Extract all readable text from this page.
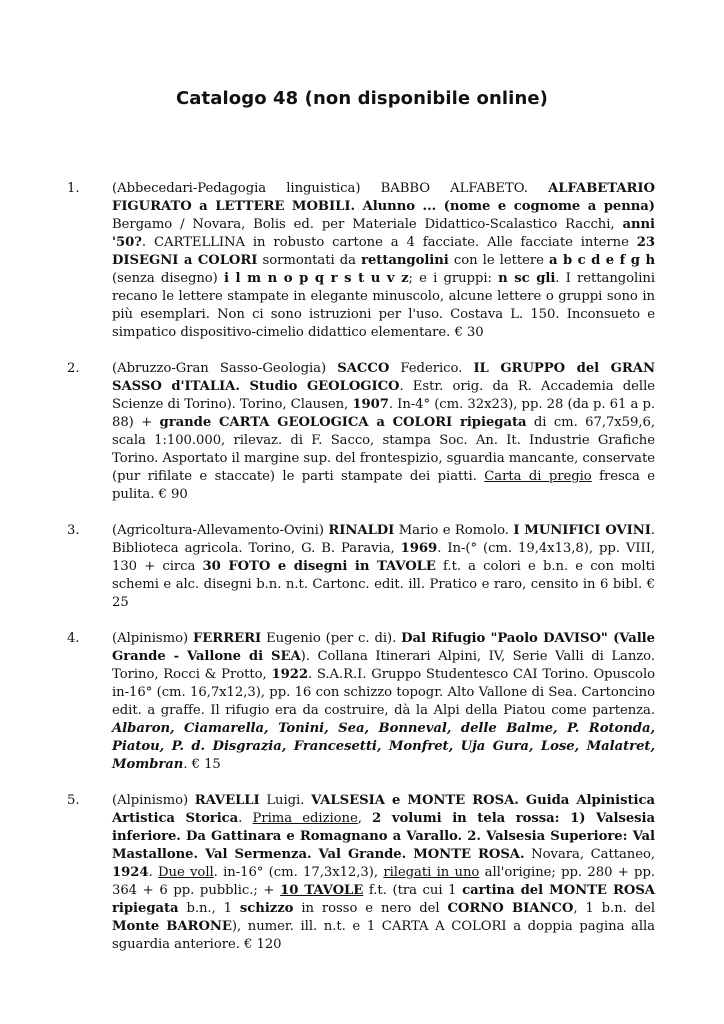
Catalogo 48 (non disponibile online)
1. (Abbecedari-Pedagogia linguistica) BABBO ALFABETO. ALFABETARIO FIGURATO a LETTERE MOBILI. Alunno ... (nome e cognome a penna) Bergamo / Novara, Bolis ed. per Materiale Didattico-Scalastico Racchi, anni '50?. CARTELLINA in robusto cartone a 4 facciate. Alle facciate interne 23 DISEGNI a COLORI sormontati da rettangolini con le lettere a b c d e f g h (senza disegno) i l m n o p q r s t u v z; e i gruppi: n sc gli. I rettangolini recano le lettere stampate in elegante minuscolo, alcune lettere o gruppi sono in più esemplari. Non ci sono istruzioni per l'uso. Costava L. 150. Inconsueto e simpatico dispositivo-cimelio didattico elementare. € 30
2. (Abruzzo-Gran Sasso-Geologia) SACCO Federico. IL GRUPPO del GRAN SASSO d'ITALIA. Studio GEOLOGICO. Estr. orig. da R. Accademia delle Scienze di Torino). Torino, Clausen, 1907. In-4° (cm. 32x23), pp. 28 (da p. 61 a p. 88) + grande CARTA GEOLOGICA a COLORI ripiegata di cm. 67,7x59,6, scala 1:100.000, rilevaz. di F. Sacco, stampa Soc. An. It. Industrie Grafiche Torino. Asportato il margine sup. del frontespizio, sguardia mancante, conservate (pur rifilate e staccate) le parti stampate dei piatti. Carta di pregio fresca e pulita. € 90
3. (Agricoltura-Allevamento-Ovini) RINALDI Mario e Romolo. I MUNIFICI OVINI. Biblioteca agricola. Torino, G. B. Paravia, 1969. In-(° (cm. 19,4x13,8), pp. VIII, 130 + circa 30 FOTO e disegni in TAVOLE f.t. a colori e b.n. e con molti schemi e alc. disegni b.n. n.t. Cartonc. edit. ill. Pratico e raro, censito in 6 bibl. € 25
4. (Alpinismo) FERRERI Eugenio (per c. di). Dal Rifugio "Paolo DAVISO" (Valle Grande - Vallone di SEA). Collana Itinerari Alpini, IV, Serie Valli di Lanzo. Torino, Rocci & Protto, 1922. S.A.R.I. Gruppo Studentesco CAI Torino. Opuscolo in-16° (cm. 16,7x12,3), pp. 16 con schizzo topogr. Alto Vallone di Sea. Cartoncino edit. a graffe. Il rifugio era da costruire, dà la Alpi della Piatou come partenza. Albaron, Ciamarella, Tonini, Sea, Bonneval, delle Balme, P. Rotonda, Piatou, P. d. Disgrazia, Francesetti, Monfret, Uja Gura, Lose, Malatret, Mombran. € 15
5. (Alpinismo) RAVELLI Luigi. VALSESIA e MONTE ROSA. Guida Alpinistica Artistica Storica. Prima edizione, 2 volumi in tela rossa: 1) Valsesia inferiore. Da Gattinara e Romagnano a Varallo. 2. Valsesia Superiore: Val Mastallone. Val Sermenza. Val Grande. MONTE ROSA. Novara, Cattaneo, 1924. Due voll. in-16° (cm. 17,3x12,3), rilegati in uno all'origine; pp. 280 + pp. 364 + 6 pp. pubblic.; + 10 TAVOLE f.t. (tra cui 1 cartina del MONTE ROSA ripiegata b.n., 1 schizzo in rosso e nero del CORNO BIANCO, 1 b.n. del Monte BARONE), numer. ill. n.t. e 1 CARTA A COLORI a doppia pagina alla sguardia anteriore. € 120
